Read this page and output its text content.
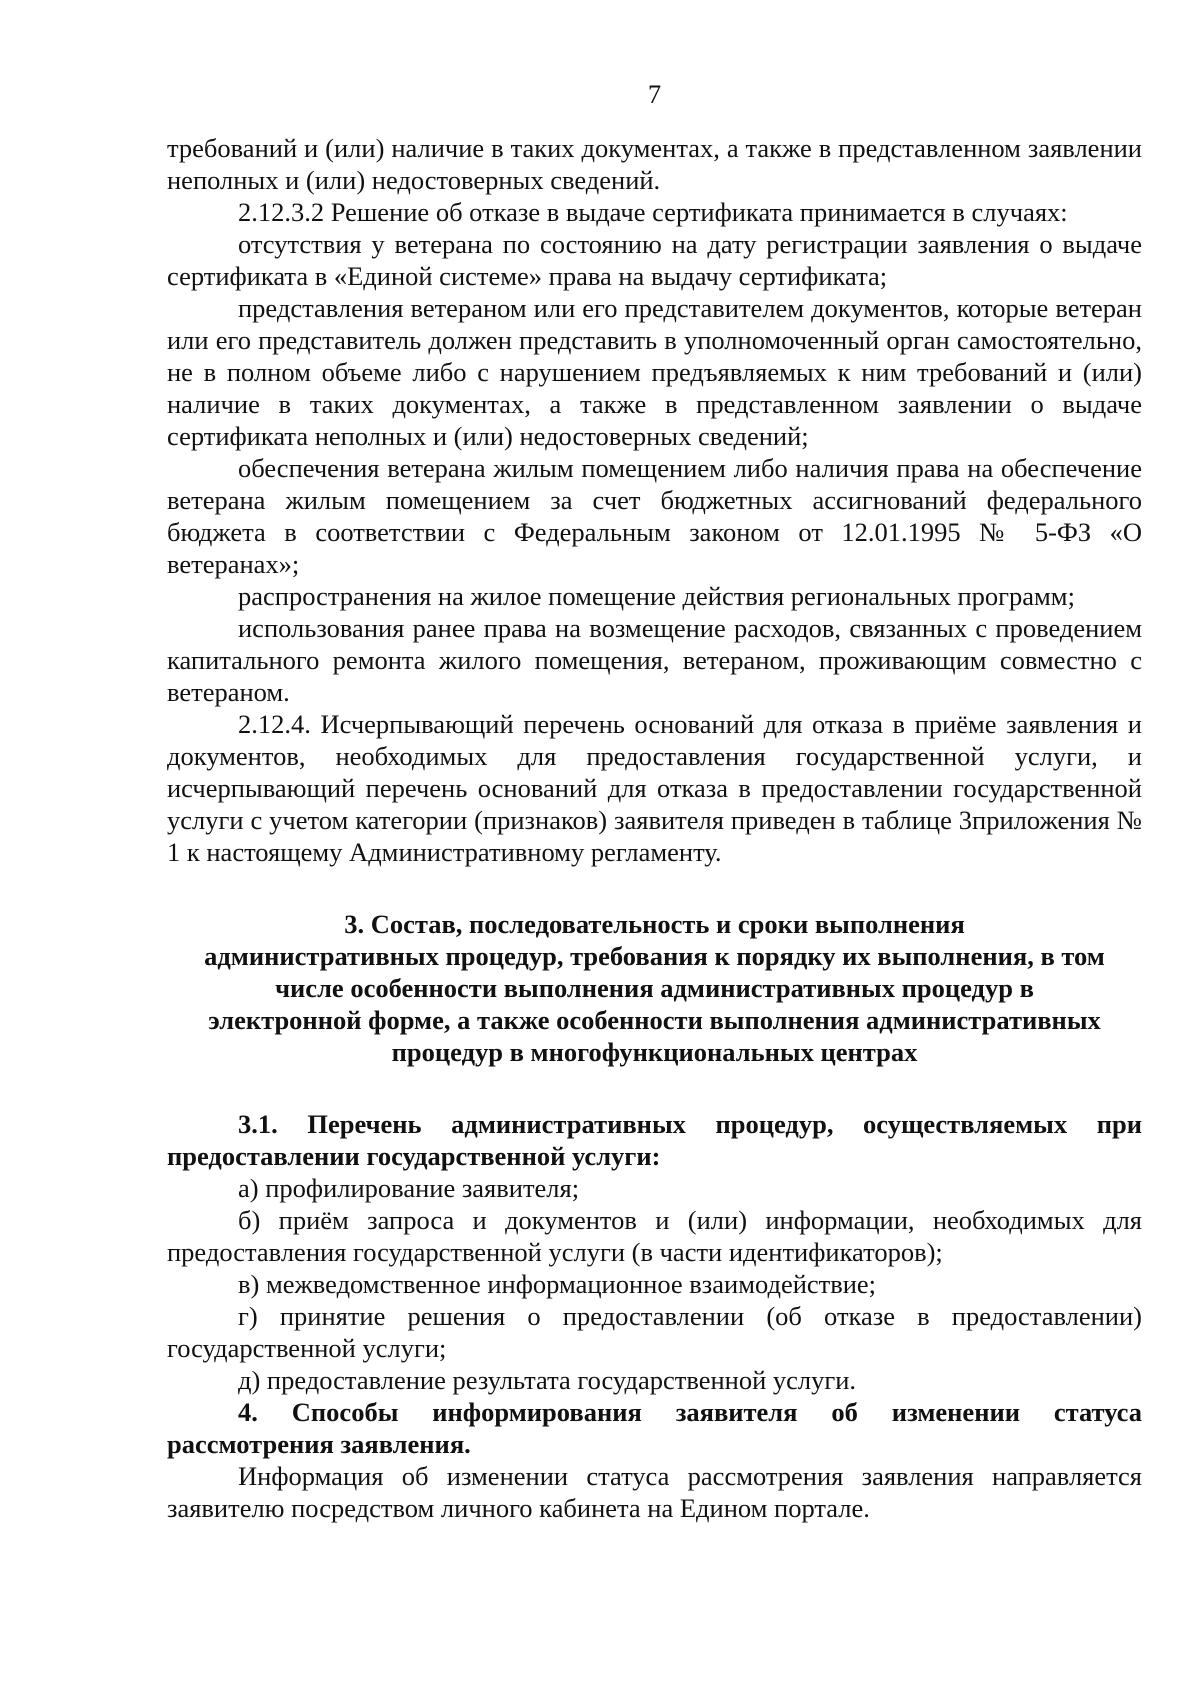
7

требований и (или) наличие в таких документах, а также в представленном заявлении неполных и (или) недостоверных сведений.

2.12.3.2 Решение об отказе в выдаче сертификата принимается в случаях:

отсутствия у ветерана по состоянию на дату регистрации заявления о выдаче сертификата в «Единой системе» права на выдачу сертификата;

представления ветераном или его представителем документов, которые ветеран или его представитель должен представить в уполномоченный орган самостоятельно, не в полном объеме либо с нарушением предъявляемых к ним требований и (или) наличие в таких документах, а также в представленном заявлении о выдаче сертификата неполных и (или) недостоверных сведений;

обеспечения ветерана жилым помещением либо наличия права на обеспечение ветерана жилым помещением за счет бюджетных ассигнований федерального бюджета в соответствии с Федеральным законом от 12.01.1995 № 5-ФЗ «О ветеранах»;

распространения на жилое помещение действия региональных программ;

использования ранее права на возмещение расходов, связанных с проведением капитального ремонта жилого помещения, ветераном, проживающим совместно с ветераном.

2.12.4. Исчерпывающий перечень оснований для отказа в приёме заявления и документов, необходимых для предоставления государственной услуги, и исчерпывающий перечень оснований для отказа в предоставлении государственной услуги с учетом категории (признаков) заявителя приведен в таблице 3приложения № 1 к настоящему Административному регламенту.

3. Состав, последовательность и сроки выполнения

административных процедур, требования к порядку их выполнения, в том

числе особенности выполнения административных процедур в

электронной форме, а также особенности выполнения административных

процедур в многофункциональных центрах

3.1. Перечень административных процедур, осуществляемых при предоставлении государственной услуги:

а) профилирование заявителя;

б) приём запроса и документов и (или) информации, необходимых для предоставления государственной услуги (в части идентификаторов);

в) межведомственное информационное взаимодействие;

г) принятие решения о предоставлении (об отказе в предоставлении) государственной услуги;

д) предоставление результата государственной услуги.

4. Способы информирования заявителя об изменении статуса рассмотрения заявления.

Информация об изменении статуса рассмотрения заявления направляется заявителю посредством личного кабинета на Едином портале.
